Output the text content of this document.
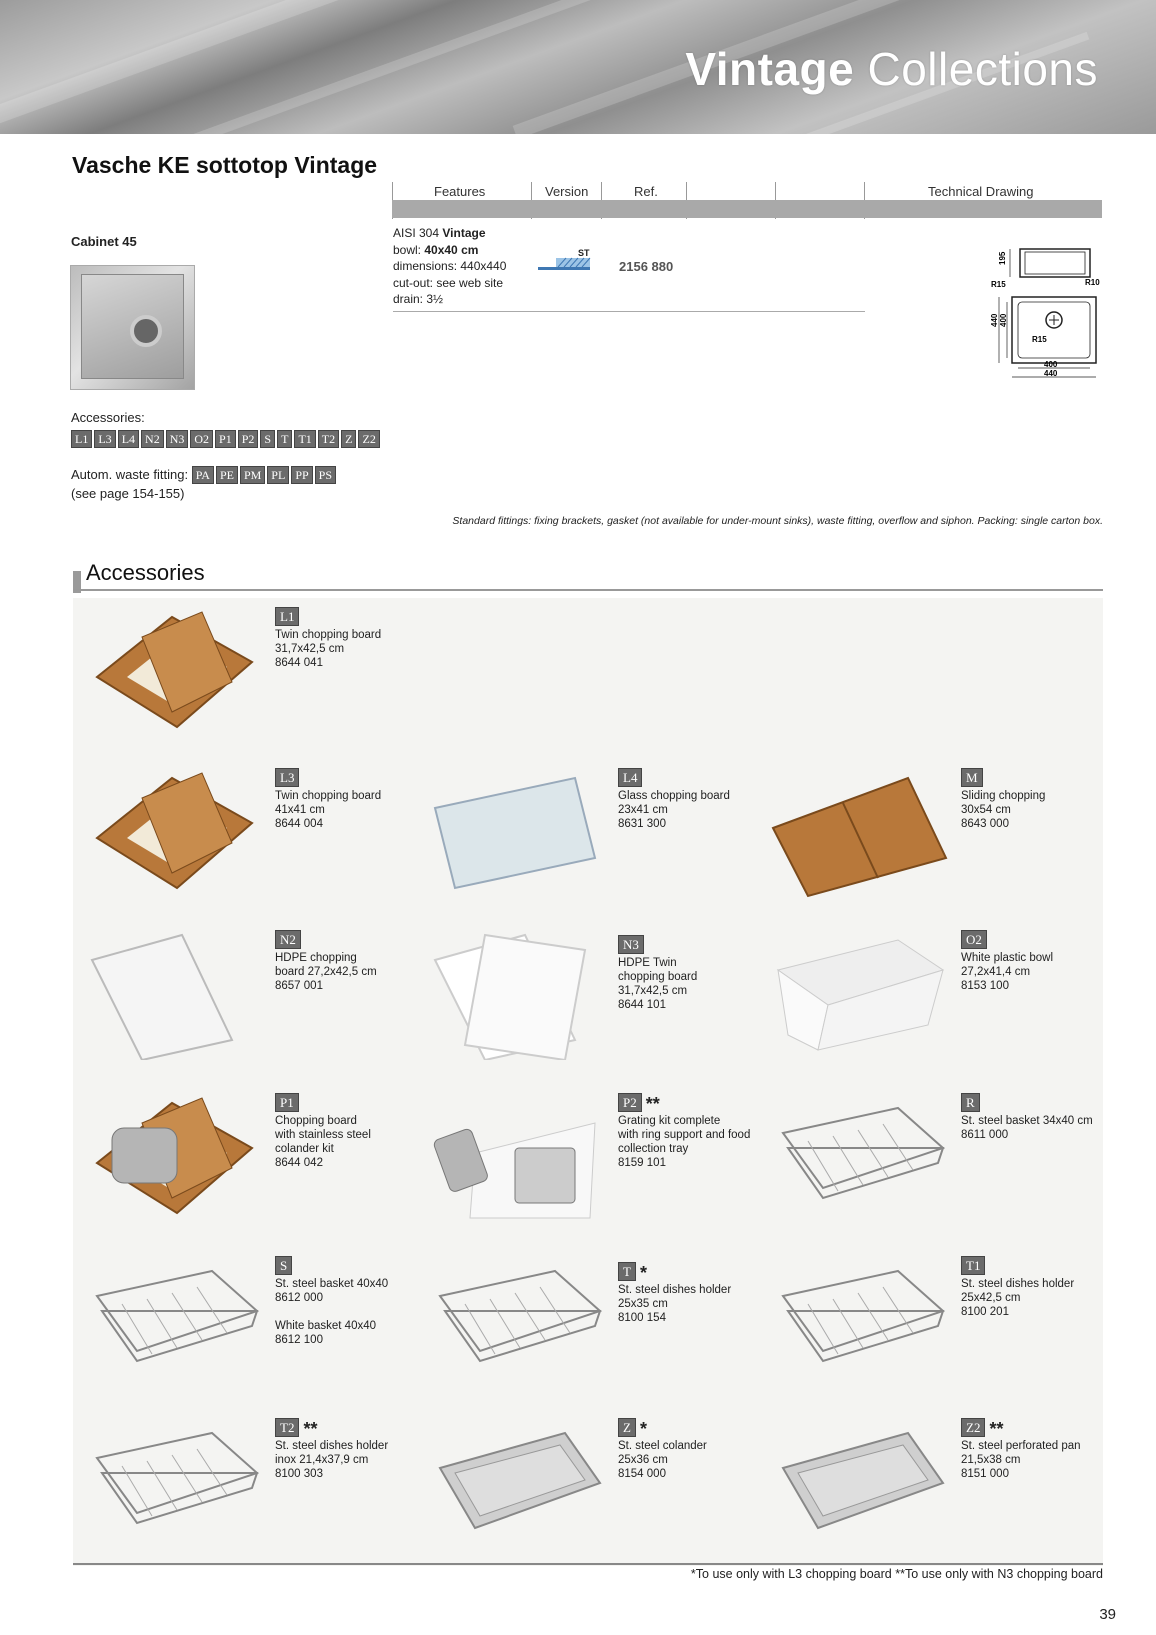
Vintage Collections
Vasche KE sottotop Vintage
Features	Version	Ref.	Technical Drawing
Cabinet 45
AISI 304 Vintage
bowl: 40x40 cm
dimensions: 440x440
cut-out: see web site
drain: 3½
ST
2156 880
195
R15	R10
R15
440 400
400
440
Accessories:
L1 L3 L4 N2 N3 O2 P1 P2 S T T1 T2 Z Z2
Autom. waste fitting: PA PE PM PL PP PS
(see page 154-155)
Standard fittings: fixing brackets, gasket (not available for under-mount sinks), waste fitting, overflow and siphon. Packing: single carton box.
Accessories
L1
Twin chopping board
31,7x42,5 cm
8644 041
L3
Twin chopping board
41x41 cm
8644 004
L4
Glass chopping board
23x41 cm
8631 300
M
Sliding chopping
30x54 cm
8643 000
N2
HDPE chopping
board 27,2x42,5 cm
8657 001
N3
HDPE Twin
chopping board
31,7x42,5 cm
8644 101
O2
White plastic bowl
27,2x41,4 cm
8153 100
P1
Chopping board
with stainless steel
colander kit
8644 042
P2 **
Grating kit complete
with ring support and food
collection tray
8159 101
R
St. steel basket 34x40 cm
8611 000
S
St. steel basket 40x40
8612 000
White basket 40x40
8612 100
T *
St. steel dishes holder
25x35 cm
8100 154
T1
St. steel dishes holder
25x42,5 cm
8100 201
T2 **
St. steel dishes holder
inox 21,4x37,9 cm
8100 303
Z *
St. steel colander
25x36 cm
8154 000
Z2 **
St. steel perforated pan
21,5x38 cm
8151 000
*To use only with L3 chopping board **To use only with N3 chopping board
39
